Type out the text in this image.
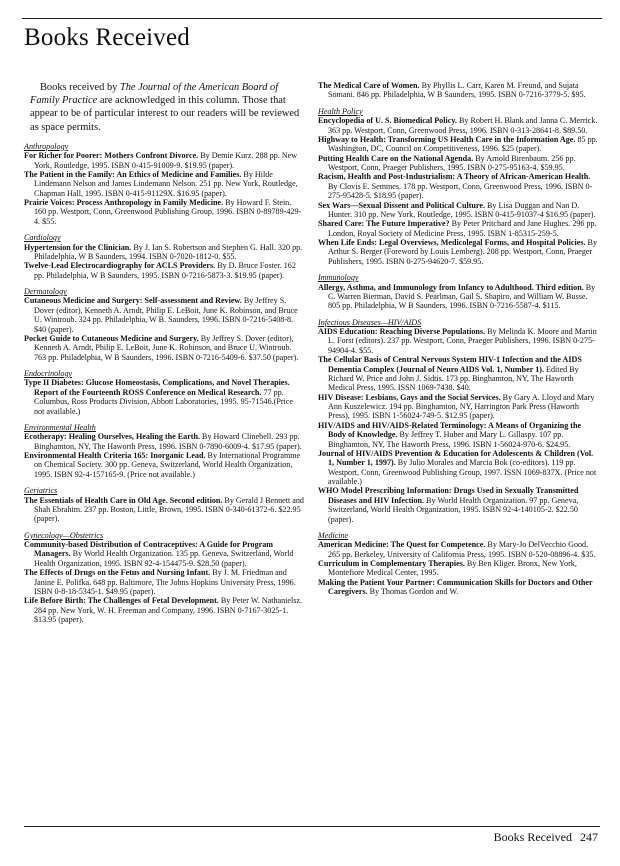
Books Received

Books received by The Journal of the American Board of Family Practice are acknowledged in this column. Those that appear to be of particular interest to our readers will be reviewed as space permits.

Anthropology

For Richer for Poorer: Mothers Confront Divorce. By Demie Kurz. 288 pp. New York, Routledge, 1995. ISBN 0-415-91009-9. $19.95 (paper).

The Patient in the Family: An Ethics of Medicine and Families. By Hilde Lindemann Nelson and James Lindemann Nelson. 251 pp. New York, Routledge, Chapman Hall, 1995. ISBN 0-415-91129X. $16.95 (paper).

Prairie Voices: Process Anthropology in Family Medicine. By Howard F. Stein. 160 pp. Westport, Conn, Greenwood Publishing Group, 1996. ISBN 0-89789-429-4. $55.

Cardiology

Hypertension for the Clinician. By J. Ian S. Robertson and Stephen G. Hall. 320 pp. Philadelphia, W B Saunders, 1994. ISBN 0-7020-1812-0. $55.

Twelve-Lead Electrocardiography for ACLS Providers. By D. Bruce Foster. 162 pp. Philadelphia, W B Saunders, 1995. ISBN 0-7216-5873-3. $19.95 (paper).

Dermatology

Cutaneous Medicine and Surgery: Self-assessment and Review. By Jeffrey S. Dover (editor), Kenneth A. Arndt, Philip E. LeBoit, June K. Robinson, and Bruce U. Wintroub. 324 pp. Philadelphia, W B. Saunders, 1996. ISBN 0-7216-5408-8. $40 (paper).

Pocket Guide to Cutaneous Medicine and Surgery. By Jeffrey S. Dover (editor), Kenneth A. Arndt, Philip E. LeBoit, June K. Robinson, and Bruce U. Wintroub. 763 pp. Philadelphia, W B Saunders, 1996. ISBN 0-7216-5409-6. $37.50 (paper).

Endocrinology

Type II Diabetes: Glucose Homeostasis, Complications, and Novel Therapies. Report of the Fourteenth ROSS Conference on Medical Research. 77 pp. Columbus, Ross Products Division, Abbott Laboratories, 1995. 95-71546.(Price not available.)

Environmental Health

Ecotherapy: Healing Ourselves, Healing the Earth. By Howard Clinebell. 293 pp. Binghamton, NY, The Haworth Press, 1996. ISBN 0-7890-6009-4. $17.95 (paper).

Environmental Health Criteria 165: Inorganic Lead. By International Programme on Chemical Society. 300 pp. Geneva, Switzerland, World Health Organization, 1995. ISBN 92-4-157165-9. (Price not available.)

Geriatrics

The Essentials of Health Care in Old Age. Second edition. By Gerald J Bennett and Shah Ebrahim. 237 pp. Boston, Little, Brown, 1995. ISBN 0-340-61372-6. $22.95 (paper).

Gynecology—Obstetrics

Community-based Distribution of Contraceptives: A Guide for Program Managers. By World Health Organization. 135 pp. Geneva, Switzerland, World Health Organization, 1995. ISBN 92-4-154475-9. $28.50 (paper).

The Effects of Drugs on the Fetus and Nursing Infant. By J. M. Friedman and Janine E. Polifka. 648 pp. Baltimore, The Johns Hopkins University Press, 1996. ISBN 0-8-18-5345-1. $49.95 (paper).

Life Before Birth: The Challenges of Fetal Development. By Peter W. Nathanielsz. 284 pp. New York, W. H. Freeman and Company, 1996. ISBN 0-7167-3025-1. $13.95 (paper).

The Medical Care of Women. By Phyllis L. Carr, Karen M. Freund, and Sujata Somani. 846 pp. Philadelphia, W B Saunders, 1995. ISBN 0-7216-3779-5. $95.

Health Policy

Encyclopedia of U. S. Biomedical Policy. By Robert H. Blank and Janna C. Merrick. 363 pp. Westport, Conn, Greenwood Press, 1996. ISBN 0-313-28641-8. $89.50.

Highway to Health: Transforming US Health Care in the Information Age. 85 pp. Washington, DC, Council on Competitiveness, 1996. $25 (paper).

Putting Health Care on the National Agenda. By Arnold Birenbaum. 256 pp. Westport, Conn, Praeger Publishers, 1995. ISBN 0-275-95163-4. $59.95.

Racism, Health and Post-Industrialism: A Theory of African-American Health. By Clovis E. Semmes. 178 pp. Westport, Conn, Greenwood Press, 1996. ISBN 0-275-95428-5. $18.95 (paper).

Sex Wars—Sexual Dissent and Political Culture. By Lisa Duggan and Nan D. Hunter. 310 pp. New York, Routledge, 1995. ISBN 0-415-91037-4 $16.95 (paper).

Shared Care: The Future Imperative? By Peter Pritchard and Jane Hughes. 296 pp. London, Royal Society of Medicine Press, 1995. ISBN 1-85315-259-5.

When Life Ends: Legal Overviews, Medicolegal Forms, and Hospital Policies. By Arthur S. Berger (Foreword by Louis Lemberg). 208 pp. Westport, Conn, Praeger Publishers, 1995. ISBN 0-275-94620-7. $59.95.

Immunology

Allergy, Asthma, and Immunology from Infancy to Adulthood. Third edition. By C. Warren Bierman, David S. Pearlman, Gail S. Shapiro, and William W. Busse. 805 pp. Philadelphia, W B Saunders, 1996. ISBN 0-7216-5587-4. $115.

Infectious Diseases—HIV/AIDS

AIDS Education: Reaching Diverse Populations. By Melinda K. Moore and Martin L. Forst (editors). 237 pp. Westport, Conn, Praeger Publishers, 1996. ISBN 0-275-94904-4. $55.

The Cellular Basis of Central Nervous System HIV-1 Infection and the AIDS Dementia Complex (Journal of Neuro AIDS Vol. 1, Number 1). Edited By Richard W. Price and John J. Sidtis. 173 pp. Binghamton, NY, The Haworth Medical Press, 1995. ISSN 1069-7438. $40.

HIV Disease: Lesbians, Gays and the Social Services. By Gary A. Lloyd and Mary Ann Kuszelewicz. 194 pp. Binghamton, NY, Harrington Park Press (Haworth Press), 1995. ISBN 1-56024-749-5. $12.95 (paper).

HIV/AIDS and HIV/AIDS-Related Terminology: A Means of Organizing the Body of Knowledge. By Jeffrey T. Huber and Mary L. Gillaspy. 107 pp. Binghamton, NY, The Haworth Press, 1996. ISBN 1-56024-970-6. $24.95.

Journal of HIV/AIDS Prevention & Education for Adolescents & Children (Vol. 1, Number 1, 1997). By Julio Morales and Marcia Bok (co-editors). 119 pp. Westport, Conn, Greenwood Publishing Group, 1997. ISSN 1069-837X. (Price not available.)

WHO Model Prescribing Information: Drugs Used in Sexually Transmitted Diseases and HIV Infection. By World Health Organization. 97 pp. Geneva, Switzerland, World Health Organization, 1995. ISBN 92-4-140105-2. $22.50 (paper).

Medicine

American Medicine: The Quest for Competence. By Mary-Jo DelVecchio Good. 265 pp. Berkeley, University of California Press, 1995. ISBN 0-520-08896-4. $35.

Curriculum in Complementary Therapies. By Ben Kliger. Bronx, New York, Montefiore Medical Center, 1995.

Making the Patient Your Partner: Communication Skills for Doctors and Other Caregivers. By Thomas Gordon and W.

Books Received 247
